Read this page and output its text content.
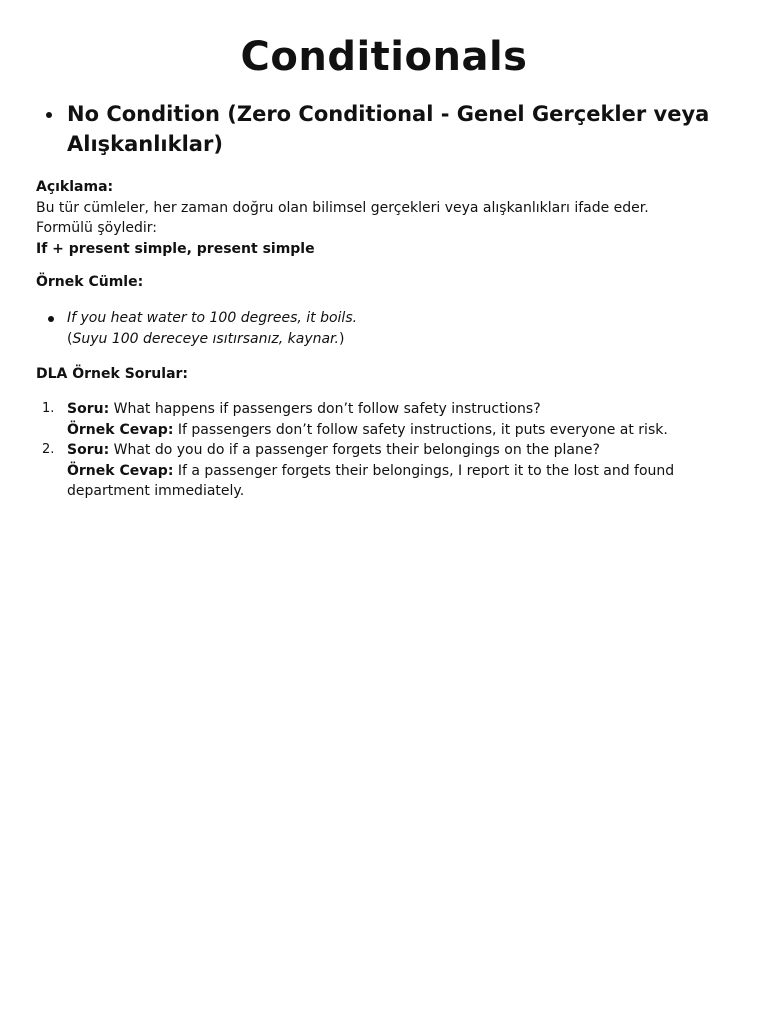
Conditionals
No Condition (Zero Conditional - Genel Gerçekler veya Alışkanlıklar)
Açıklama:
Bu tür cümleler, her zaman doğru olan bilimsel gerçekleri veya alışkanlıkları ifade eder.
Formülü şöyledir:
If + present simple, present simple
Örnek Cümle:
If you heat water to 100 degrees, it boils.
(Suyu 100 dereceye ısıtırsanız, kaynar.)
DLA Örnek Sorular:
1. Soru: What happens if passengers don’t follow safety instructions?
Örnek Cevap: If passengers don’t follow safety instructions, it puts everyone at risk.
2. Soru: What do you do if a passenger forgets their belongings on the plane?
Örnek Cevap: If a passenger forgets their belongings, I report it to the lost and found department immediately.
